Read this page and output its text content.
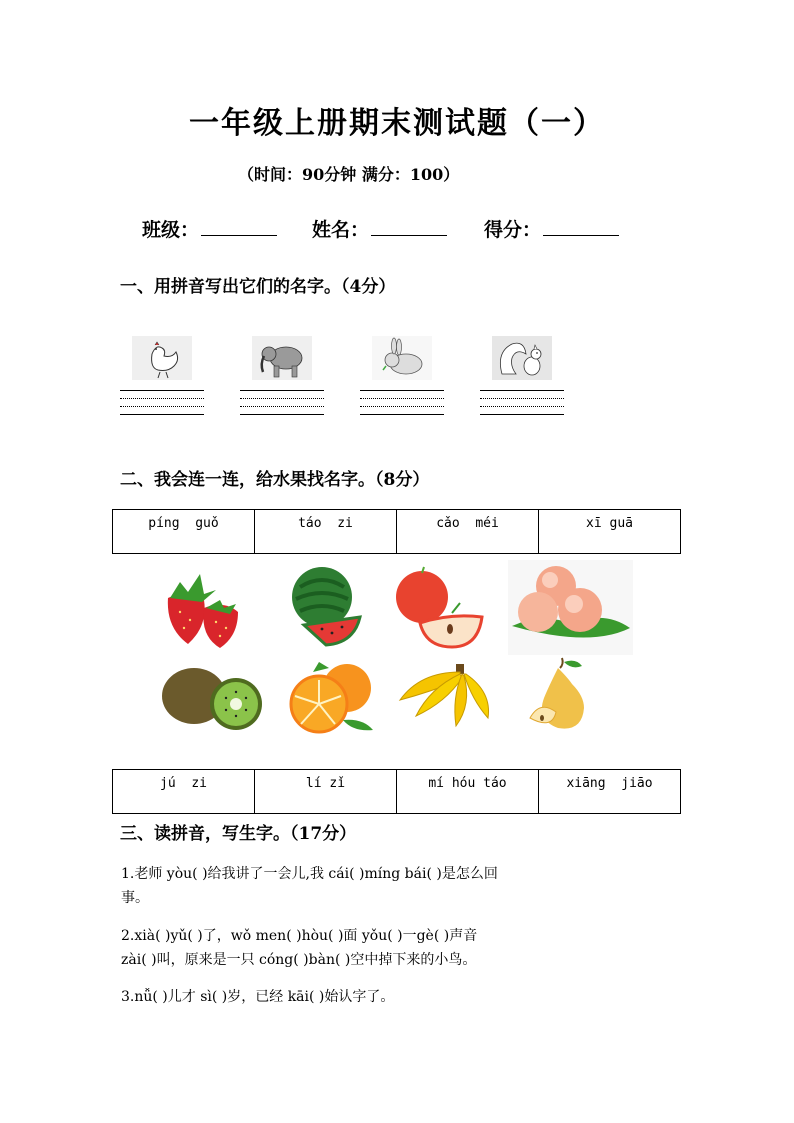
一年级上册期末测试题（一）
（时间：90分钟 满分：100）
班级：	姓名：	得分：
一、用拼音写出它们的名字。（4分）
二、我会连一连，给水果找名字。（8分）
píng  guǒ	táo  zi	cǎo  méi	xī guā
jú  zi	lí zǐ	mí hóu táo	xiāng  jiāo
三、读拼音，写生字。（17分）
1.老师 yòu( )给我讲了一会儿,我 cái( )míng bái( )是怎么回
事。
2.xià( )yǔ( )了，wǒ men( )hòu( )面 yǒu( )一gè( )声音
zài( )叫，原来是一只 cóng( )bàn( )空中掉下来的小鸟。
3.nǚ( )儿才 sì( )岁，已经 kāi( )始认字了。
